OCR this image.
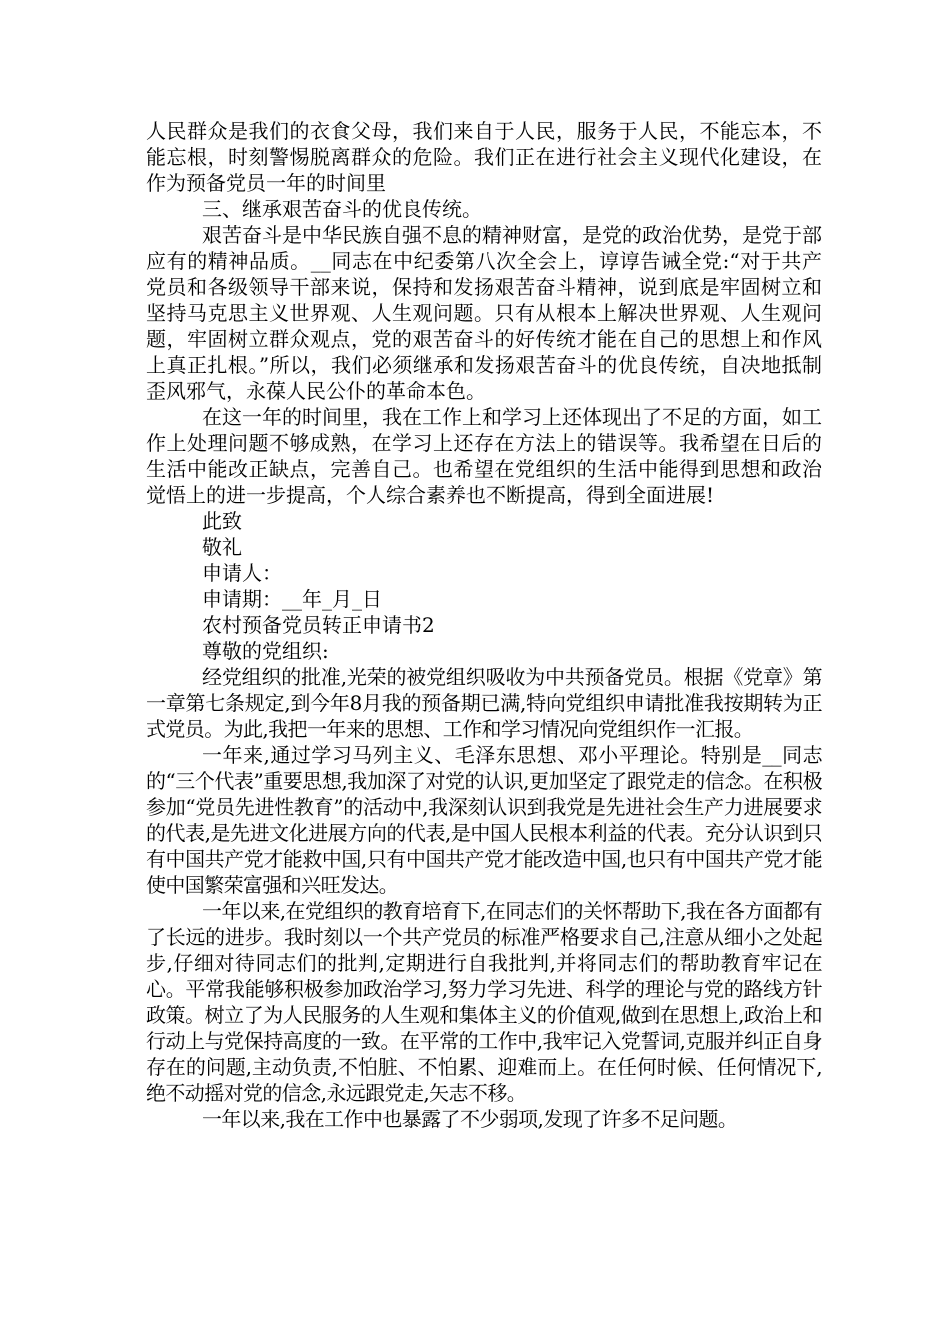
人民群众是我们的衣食父母，我们来自于人民，服务于人民，不能忘本，不能忘根，时刻警惕脱离群众的危险。我们正在进行社会主义现代化建设，在作为预备党员一年的时间里

三、继承艰苦奋斗的优良传统。

艰苦奋斗是中华民族自强不息的精神财富，是党的政治优势，是党于部应有的精神品质。__同志在中纪委第八次全会上，谆谆告诫全党:“对于共产党员和各级领导干部来说，保持和发扬艰苦奋斗精神，说到底是牢固树立和坚持马克思主义世界观、人生观问题。只有从根本上解决世界观、人生观问题，牢固树立群众观点，党的艰苦奋斗的好传统才能在自己的思想上和作风上真正扎根。”所以，我们必须继承和发扬艰苦奋斗的优良传统，自决地抵制歪风邪气，永葆人民公仆的革命本色。

在这一年的时间里，我在工作上和学习上还体现出了不足的方面，如工作上处理问题不够成熟，在学习上还存在方法上的错误等。我希望在日后的生活中能改正缺点，完善自己。也希望在党组织的生活中能得到思想和政治觉悟上的进一步提高，个人综合素养也不断提高，得到全面进展!

此致

敬礼

申请人：

申请期：__年_月_日

农村预备党员转正申请书2

尊敬的党组织:

经党组织的批准,光荣的被党组织吸收为中共预备党员。根据《党章》第一章第七条规定,到今年8月我的预备期已满,特向党组织申请批准我按期转为正式党员。为此,我把一年来的思想、工作和学习情况向党组织作一汇报。

一年来,通过学习马列主义、毛泽东思想、邓小平理论。特别是__同志的“三个代表”重要思想,我加深了对党的认识,更加坚定了跟党走的信念。在积极参加“党员先进性教育”的活动中,我深刻认识到我党是先进社会生产力进展要求的代表,是先进文化进展方向的代表,是中国人民根本利益的代表。充分认识到只有中国共产党才能救中国,只有中国共产党才能改造中国,也只有中国共产党才能使中国繁荣富强和兴旺发达。

一年以来,在党组织的教育培育下,在同志们的关怀帮助下,我在各方面都有了长远的进步。我时刻以一个共产党员的标准严格要求自己,注意从细小之处起步,仔细对待同志们的批判,定期进行自我批判,并将同志们的帮助教育牢记在心。平常我能够积极参加政治学习,努力学习先进、科学的理论与党的路线方针政策。树立了为人民服务的人生观和集体主义的价值观,做到在思想上,政治上和行动上与党保持高度的一致。在平常的工作中,我牢记入党誓词,克服并纠正自身存在的问题,主动负责,不怕脏、不怕累、迎难而上。在任何时候、任何情况下,绝不动摇对党的信念,永远跟党走,矢志不移。

一年以来,我在工作中也暴露了不少弱项,发现了许多不足问题。
